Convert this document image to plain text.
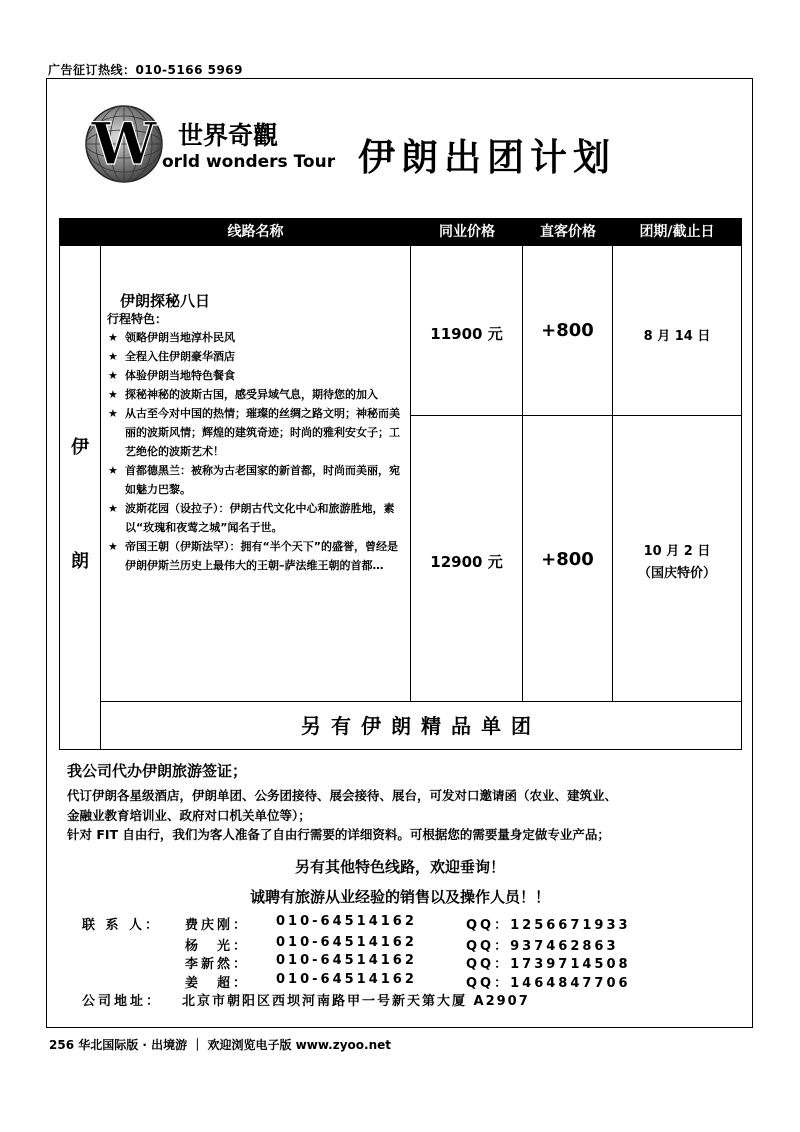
广告征订热线：010-5166 5969
W 世界奇觀
orld wonders Tour 伊朗出团计划
线路名称	同业价格	直客价格	团期/截止日
伊
朗
伊朗探秘八日
行程特色：
★ 领略伊朗当地淳朴民风
★ 全程入住伊朗豪华酒店
★ 体验伊朗当地特色餐食
★ 探秘神秘的波斯古国，感受异域气息，期待您的加入
★ 从古至今对中国的热情；璀璨的丝绸之路文明；神秘而美丽的波斯风情；辉煌的建筑奇迹；时尚的雅利安女子；工艺绝伦的波斯艺术！
★ 首都德黑兰：被称为古老国家的新首都，时尚而美丽，宛如魅力巴黎。
★ 波斯花园（设拉子）：伊朗古代文化中心和旅游胜地，素以“玫瑰和夜莺之城”闻名于世。
★ 帝国王朝（伊斯法罕）：拥有“半个天下”的盛誉，曾经是伊朗伊斯兰历史上最伟大的王朝–萨法维王朝的首都…
11900 元	+800	8 月 14 日
12900 元	+800	10 月 2 日
（国庆特价）
另有伊朗精品单团
我公司代办伊朗旅游签证；
代订伊朗各星级酒店，伊朗单团、公务团接待、展会接待、展台，可发对口邀请函（农业、建筑业、
金融业教育培训业、政府对口机关单位等）；
针对 FIT 自由行，我们为客人准备了自由行需要的详细资料。可根据您的需要量身定做专业产品；
另有其他特色线路，欢迎垂询！
诚聘有旅游从业经验的销售以及操作人员！！
联 系 人： 费庆刚： 010-64514162	QQ：1256671933
杨　光： 010-64514162	QQ：937462863
李新然： 010-64514162	QQ：1739714508
姜　超： 010-64514162	QQ：1464847706
公司地址： 北京市朝阳区西坝河南路甲一号新天第大厦 A2907
256 华北国际版 · 出境游 ｜ 欢迎浏览电子版 www.zyoo.net
